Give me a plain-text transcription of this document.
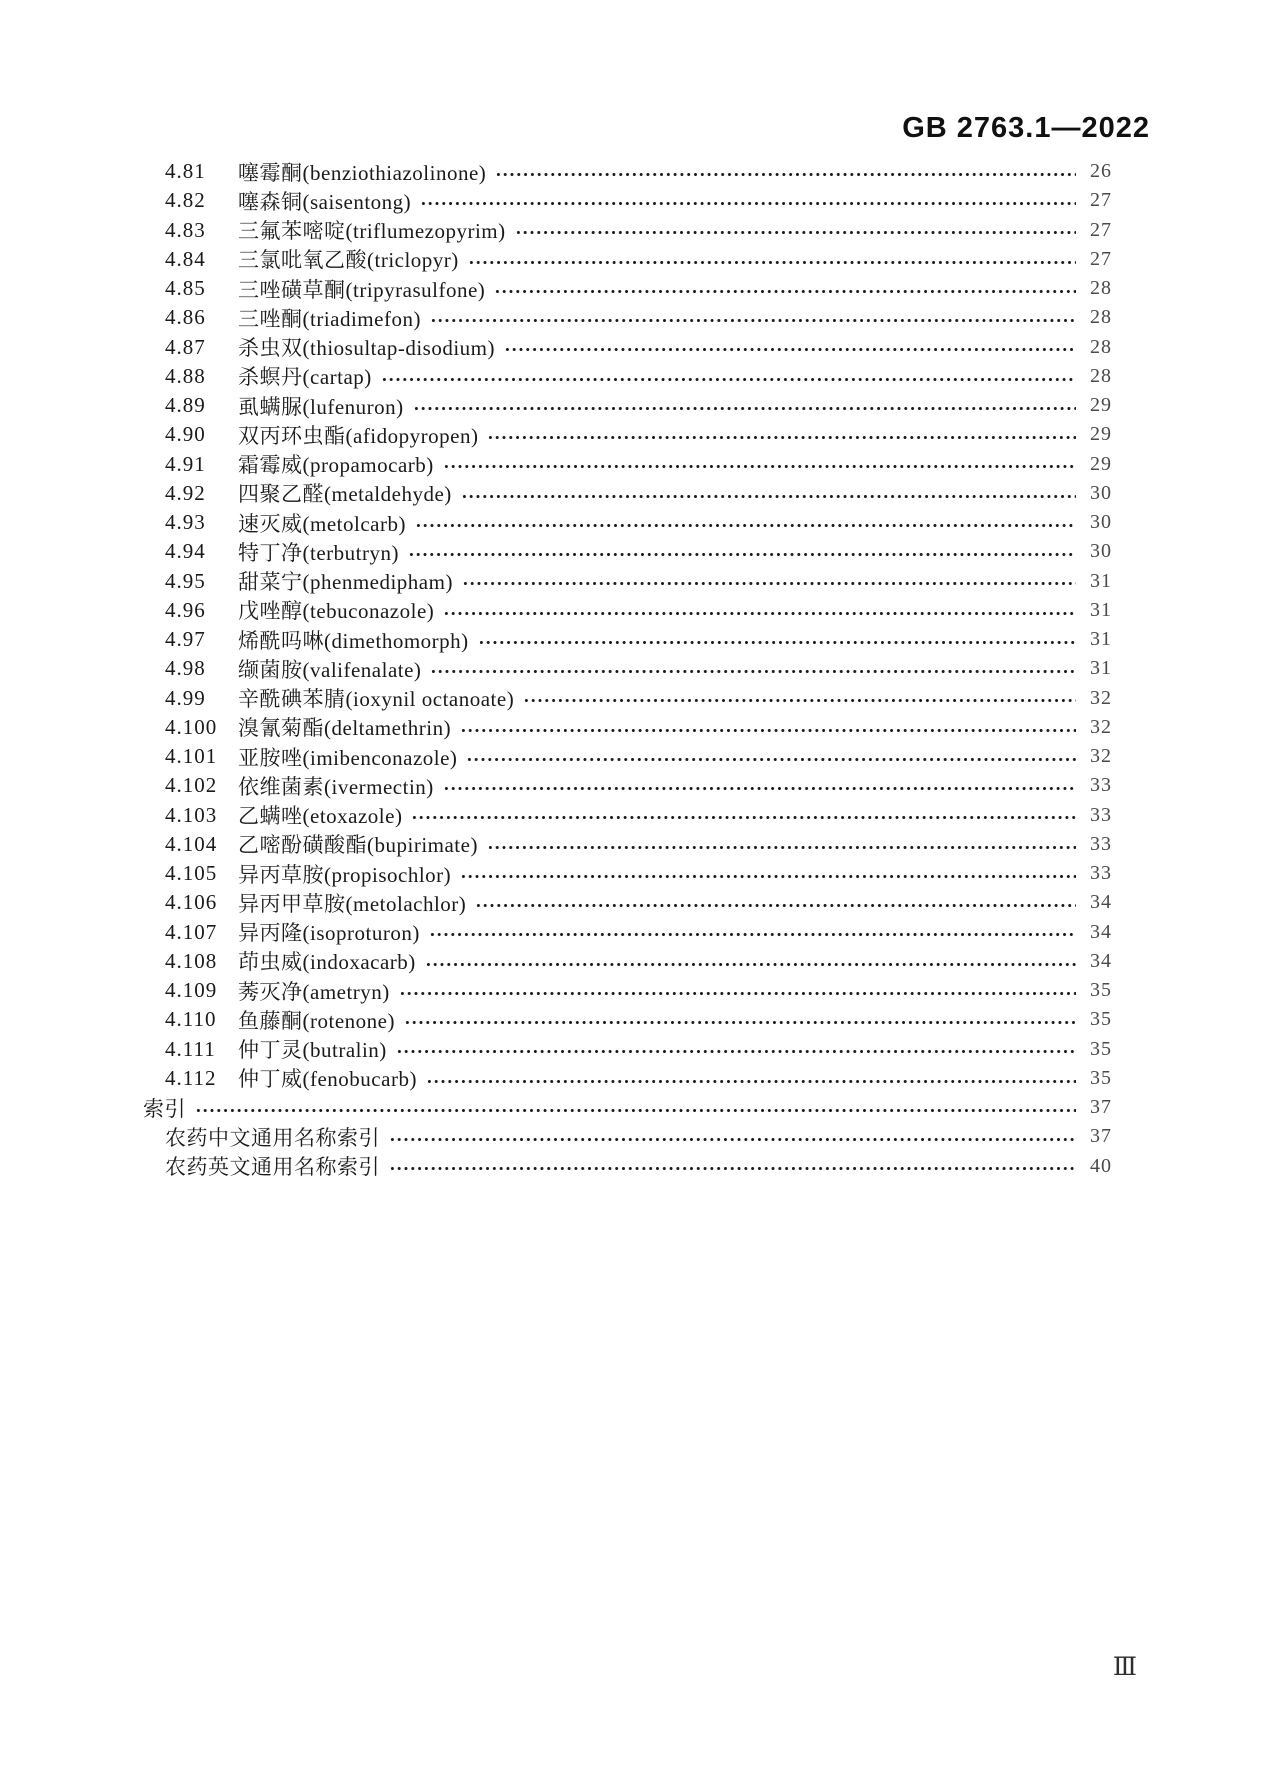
GB 2763.1—2022
4.81	噻霉酮(benziothiazolinone)	26
4.82	噻森铜(saisentong)	27
4.83	三氟苯嘧啶(triflumezopyrim)	27
4.84	三氯吡氧乙酸(triclopyr)	27
4.85	三唑磺草酮(tripyrasulfone)	28
4.86	三唑酮(triadimefon)	28
4.87	杀虫双(thiosultap-disodium)	28
4.88	杀螟丹(cartap)	28
4.89	虱螨脲(lufenuron)	29
4.90	双丙环虫酯(afidopyropen)	29
4.91	霜霉威(propamocarb)	29
4.92	四聚乙醛(metaldehyde)	30
4.93	速灭威(metolcarb)	30
4.94	特丁净(terbutryn)	30
4.95	甜菜宁(phenmedipham)	31
4.96	戊唑醇(tebuconazole)	31
4.97	烯酰吗啉(dimethomorph)	31
4.98	缬菌胺(valifenalate)	31
4.99	辛酰碘苯腈(ioxynil octanoate)	32
4.100 溴氰菊酯(deltamethrin)	32
4.101 亚胺唑(imibenconazole)	32
4.102 依维菌素(ivermectin)	33
4.103 乙螨唑(etoxazole)	33
4.104 乙嘧酚磺酸酯(bupirimate)	33
4.105 异丙草胺(propisochlor)	33
4.106 异丙甲草胺(metolachlor)	34
4.107 异丙隆(isoproturon)	34
4.108 茚虫威(indoxacarb)	34
4.109 莠灭净(ametryn)	35
4.110 鱼藤酮(rotenone)	35
4.111 仲丁灵(butralin)	35
4.112 仲丁威(fenobucarb)	35
索引	37
农药中文通用名称索引	37
农药英文通用名称索引	40
Ⅲ
